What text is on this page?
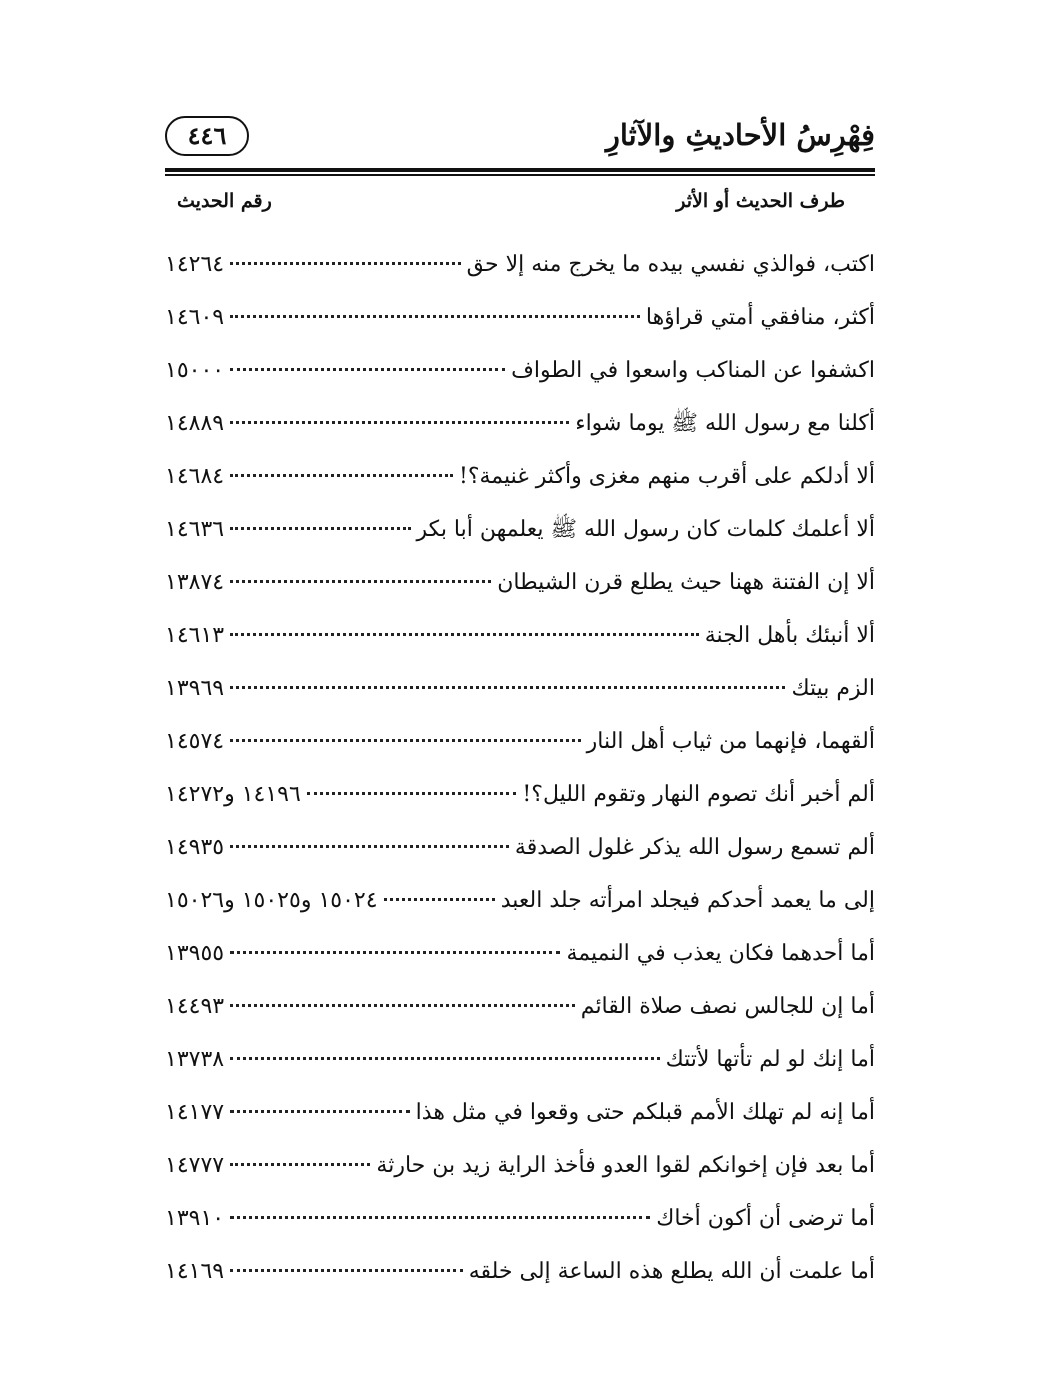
فِهْرِسُ الأحاديثِ والآثارِ
٤٤٦
طرف الحديث أو الأثر
رقم الحديث
اكتب، فوالذي نفسي بيده ما يخرج منه إلا حق
١٤٢٦٤
أكثر، منافقي أمتي قراؤها
١٤٦٠٩
اكشفوا عن المناكب واسعوا في الطواف
١٥٠٠٠
أكلنا مع رسول الله ﷺ يوما شواء
١٤٨٨٩
ألا أدلكم على أقرب منهم مغزى وأكثر غنيمة؟!
١٤٦٨٤
ألا أعلمك كلمات كان رسول الله ﷺ يعلمهن أبا بكر
١٤٦٣٦
ألا إن الفتنة ههنا حيث يطلع قرن الشيطان
١٣٨٧٤
ألا أنبئك بأهل الجنة
١٤٦١٣
الزم بيتك
١٣٩٦٩
ألقهما، فإنهما من ثياب أهل النار
١٤٥٧٤
ألم أخبر أنك تصوم النهار وتقوم الليل؟!
١٤١٩٦ و١٤٢٧٢
ألم تسمع رسول الله يذكر غلول الصدقة
١٤٩٣٥
إلى ما يعمد أحدكم فيجلد امرأته جلد العبد
١٥٠٢٤ و١٥٠٢٥ و١٥٠٢٦
أما أحدهما فكان يعذب في النميمة
١٣٩٥٥
أما إن للجالس نصف صلاة القائم
١٤٤٩٣
أما إنك لو لم تأتها لأتتك
١٣٧٣٨
أما إنه لم تهلك الأمم قبلكم حتى وقعوا في مثل هذا
١٤١٧٧
أما بعد فإن إخوانكم لقوا العدو فأخذ الراية زيد بن حارثة
١٤٧٧٧
أما ترضى أن أكون أخاك
١٣٩١٠
أما علمت أن الله يطلع هذه الساعة إلى خلقه
١٤١٦٩
